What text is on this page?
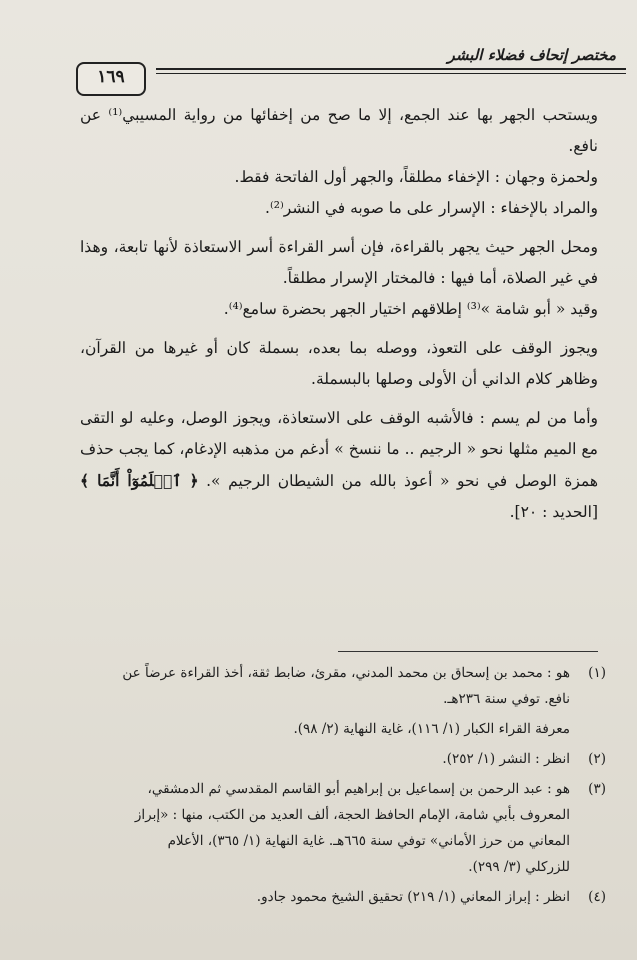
مختصر إتحاف فضلاء البشر
١٦٩

ويستحب الجهر بها عند الجمع، إلا ما صح من إخفائها من رواية المسيبي⁽¹⁾ عن نافع.

ولحمزة وجهان : الإخفاء مطلقاً، والجهر أول الفاتحة فقط.

والمراد بالإخفاء : الإسرار على ما صوبه في النشر⁽²⁾.

ومحل الجهر حيث يجهر بالقراءة، فإن أسر القراءة أسر الاستعاذة لأنها تابعة، وهذا في غير الصلاة، أما فيها : فالمختار الإسرار مطلقاً.

وقيد « أبو شامة »⁽³⁾ إطلاقهم اختيار الجهر بحضرة سامع⁽⁴⁾.

ويجوز الوقف على التعوذ، ووصله بما بعده، بسملة كان أو غيرها من القرآن، وظاهر كلام الداني أن الأولى وصلها بالبسملة.

وأما من لم يسم : فالأشبه الوقف على الاستعاذة، ويجوز الوصل، وعليه لو التقى مع الميم مثلها نحو « الرجيم .. ما ننسخ » أدغم من مذهبه الإدغام، كما يجب حذف همزة الوصل في نحو « أعوذ بالله من الشيطان الرجيم ». ﴿ ٱعۡلَمُوٓاْ أَنَّمَا ﴾ [الحديد : ٢٠].

(١)
هو : محمد بن إسحاق بن محمد المدني، مقرئ، ضابط ثقة، أخذ القراءة عرضاً عن
نافع. توفي سنة ٢٣٦هـ.
معرفة القراء الكبار (١/ ١١٦)، غاية النهاية (٢/ ٩٨).
(٢)
انظر : النشر (١/ ٢٥٢).
(٣)
هو : عبد الرحمن بن إسماعيل بن إبراهيم أبو القاسم المقدسي ثم الدمشقي،
المعروف بأبي شامة، الإمام الحافظ الحجة، ألف العديد من الكتب، منها : «إبراز
المعاني من حرز الأماني» توفي سنة ٦٦٥هـ. غاية النهاية (١/ ٣٦٥)، الأعلام
للزركلي (٣/ ٢٩٩).
(٤)
انظر : إبراز المعاني (١/ ٢١٩) تحقيق الشيخ محمود جادو.
